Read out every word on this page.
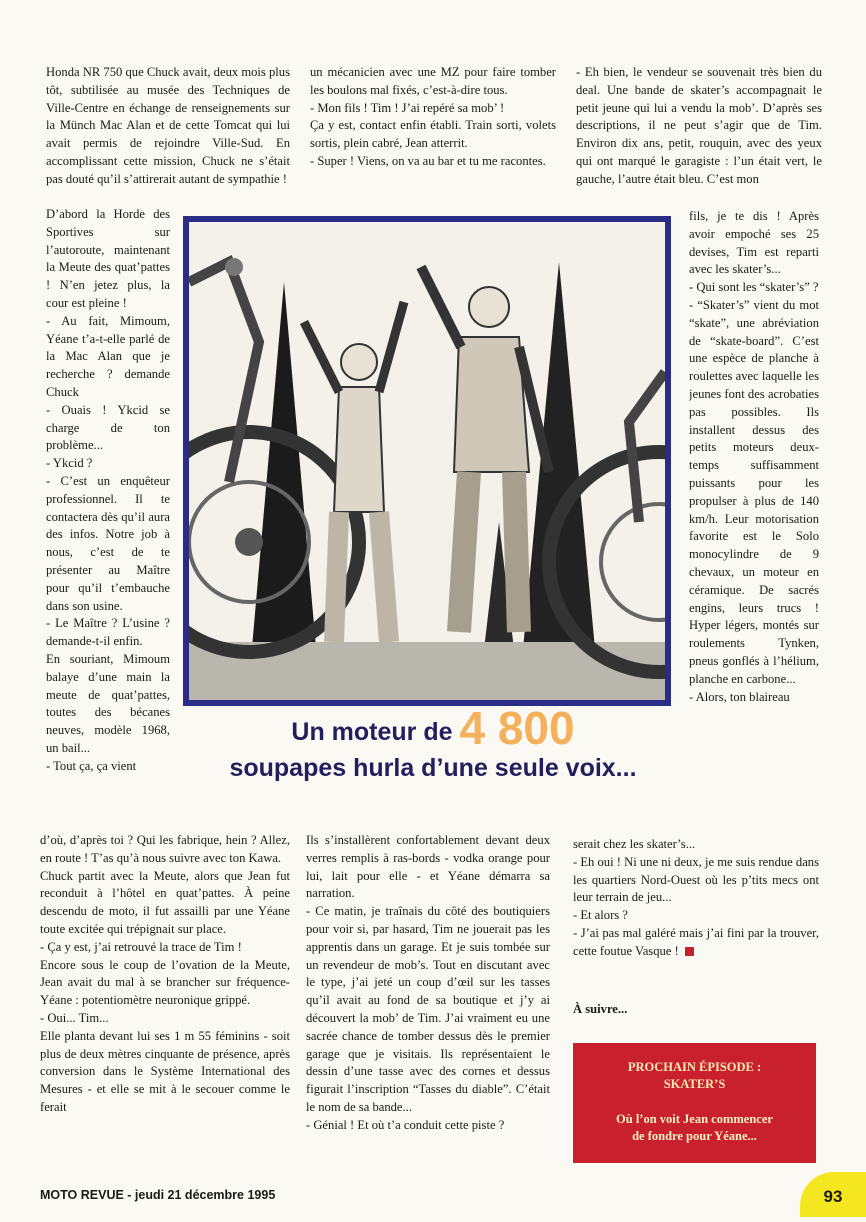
Honda NR 750 que Chuck avait, deux mois plus tôt, subtilisée au musée des Techniques de Ville-Centre en échange de renseignements sur la Münch Mac Alan et de cette Tomcat qui lui avait permis de rejoindre Ville-Sud. En accomplissant cette mission, Chuck ne s’était pas douté qu’il s’attirerait autant de sympathie !

D’abord la Horde des Sportives sur l’autoroute, maintenant la Meute des quat’pattes ! N’en jetez plus, la cour est pleine !

- Au fait, Mimoum, Yéane t’a-t-elle parlé de la Mac Alan que je recherche ? demande Chuck

- Ouais ! Ykcid se charge de ton problème...

- Ykcid ?

- C’est un enquêteur professionnel. Il te contactera dès qu’il aura des infos. Notre job à nous, c’est de te présenter au Maître pour qu’il t’embauche dans son usine.

- Le Maître ? L’usine ? demande-t-il enfin.

En souriant, Mimoum balaye d’une main la meute de quat’pattes, toutes des bécanes neuves, modèle 1968, un bail...

- Tout ça, ça vient

d’où, d’après toi ? Qui les fabrique, hein ? Allez, en route ! T’as qu’à nous suivre avec ton Kawa.

Chuck partit avec la Meute, alors que Jean fut reconduit à l’hôtel en quat’pattes. À peine descendu de moto, il fut assailli par une Yéane toute excitée qui trépignait sur place.

- Ça y est, j’ai retrouvé la trace de Tim !

Encore sous le coup de l’ovation de la Meute, Jean avait du mal à se brancher sur fréquence-Yéane : potentiomètre neuronique grippé.

- Oui... Tim...

Elle planta devant lui ses 1 m 55 féminins - soit plus de deux mètres cinquante de présence, après conversion dans le Système International des Mesures - et elle se mit à le secouer comme le ferait

un mécanicien avec une MZ pour faire tomber les boulons mal fixés, c’est-à-dire tous.

- Mon fils ! Tim ! J’ai repéré sa mob’ !

Ça y est, contact enfin établi. Train sorti, volets sortis, plein cabré, Jean atterrit.

- Super ! Viens, on va au bar et tu me racontes.

Ils s’installèrent confortablement devant deux verres remplis à ras-bords - vodka orange pour lui, lait pour elle - et Yéane démarra sa narration.

- Ce matin, je traînais du côté des boutiquiers pour voir si, par hasard, Tim ne jouerait pas les apprentis dans un garage. Et je suis tombée sur un revendeur de mob’s. Tout en discutant avec le type, j’ai jeté un coup d’œil sur les tasses qu’il avait au fond de sa boutique et j’y ai découvert la mob’ de Tim. J’ai vraiment eu une sacrée chance de tomber dessus dès le premier garage que je visitais. Ils représentaient le dessin d’une tasse avec des cornes et dessus figurait l’inscription “Tasses du diable”. C’était le nom de sa bande...

- Génial ! Et où t’a conduit cette piste ?

- Eh bien, le vendeur se souvenait très bien du deal. Une bande de skater’s accompagnait le petit jeune qui lui a vendu la mob’. D’après ses descriptions, il ne peut s’agir que de Tim. Environ dix ans, petit, rouquin, avec des yeux qui ont marqué le garagiste : l’un était vert, le gauche, l’autre était bleu. C’est mon

fils, je te dis ! Après avoir empoché ses 25 devises, Tim est reparti avec les skater’s...

- Qui sont les “skater’s” ?

- “Skater’s” vient du mot “skate”, une abréviation de “skate-board”. C’est une espèce de planche à roulettes avec laquelle les jeunes font des acrobaties pas possibles. Ils installent dessus des petits moteurs deux-temps suffisamment puissants pour les propulser à plus de 140 km/h. Leur motorisation favorite est le Solo monocylindre de 9 chevaux, un moteur en céramique. De sacrés engins, leurs trucs ! Hyper légers, montés sur roulements Tynken, pneus gonflés à l’hélium, planche en carbone...

- Alors, ton blaireau

serait chez les skater’s...

- Eh oui ! Ni une ni deux, je me suis rendue dans les quartiers Nord-Ouest où les p’tits mecs ont leur terrain de jeu...

- Et alors ?

- J’ai pas mal galéré mais j’ai fini par la trouver, cette foutue Vasque !

Un moteur de 4 800
soupapes hurla d’une seule voix...
À suivre...
PROCHAIN ÉPISODE :
SKATER’S
Où l’on voit Jean commencer
de fondre pour Yéane...
MOTO REVUE - jeudi 21 décembre 1995	93
